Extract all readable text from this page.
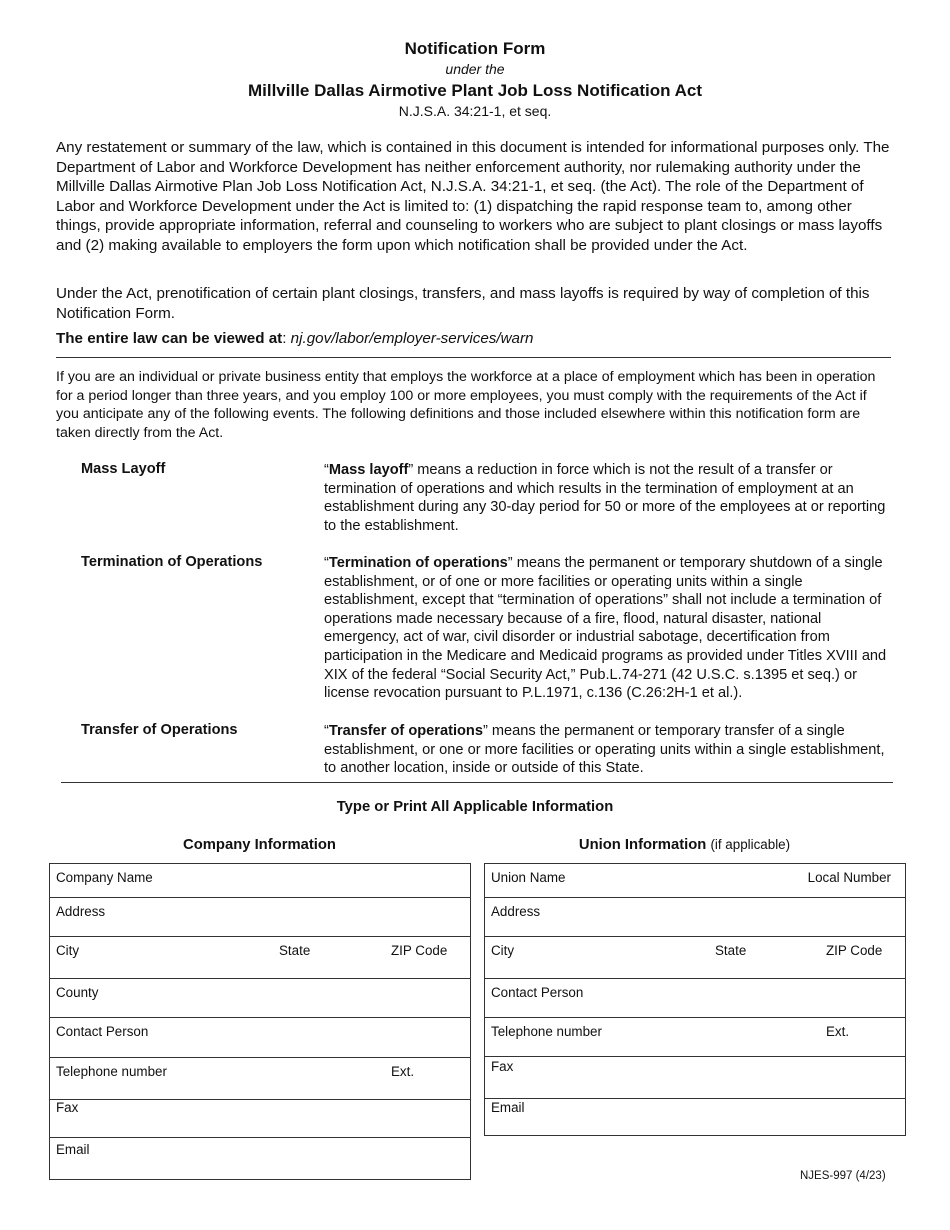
Notification Form
under the
Millville Dallas Airmotive Plant Job Loss Notification Act
N.J.S.A. 34:21-1, et seq.
Any restatement or summary of the law, which is contained in this document is intended for informational purposes only. The Department of Labor and Workforce Development has neither enforcement authority, nor rulemaking authority under the Millville Dallas Airmotive Plan Job Loss Notification Act, N.J.S.A. 34:21-1, et seq. (the Act). The role of the Department of Labor and Workforce Development under the Act is limited to: (1) dispatching the rapid response team to, among other things, provide appropriate information, referral and counseling to workers who are subject to plant closings or mass layoffs and (2) making available to employers the form upon which notification shall be provided under the Act.
Under the Act, prenotification of certain plant closings, transfers, and mass layoffs is required by way of completion of this Notification Form.
The entire law can be viewed at: nj.gov/labor/employer-services/warn
If you are an individual or private business entity that employs the workforce at a place of employment which has been in operation for a period longer than three years, and you employ 100 or more employees, you must comply with the requirements of the Act if you anticipate any of the following events. The following definitions and those included elsewhere within this notification form are taken directly from the Act.
Mass Layoff	“Mass layoff” means a reduction in force which is not the result of a transfer or termination of operations and which results in the termination of employment at an establishment during any 30-day period for 50 or more of the employees at or reporting to the establishment.
Termination of Operations	“Termination of operations” means the permanent or temporary shutdown of a single establishment, or of one or more facilities or operating units within a single establishment, except that “termination of operations” shall not include a termination of operations made necessary because of a fire, flood, natural disaster, national emergency, act of war, civil disorder or industrial sabotage, decertification from participation in the Medicare and Medicaid programs as provided under Titles XVIII and XIX of the federal “Social Security Act,” Pub.L.74-271 (42 U.S.C. s.1395 et seq.) or license revocation pursuant to P.L.1971, c.136 (C.26:2H-1 et al.).
Transfer of Operations	“Transfer of operations” means the permanent or temporary transfer of a single establishment, or one or more facilities or operating units within a single establishment, to another location, inside or outside of this State.
Type or Print All Applicable Information
Company Information
Company Name
Address
City	State	ZIP Code
County
Contact Person
Telephone number	Ext.
Fax
Email
Union Information (if applicable)
Union Name	Local Number
Address
City	State	ZIP Code
Contact Person
Telephone number	Ext.
Fax
Email
NJES-997 (4/23)
